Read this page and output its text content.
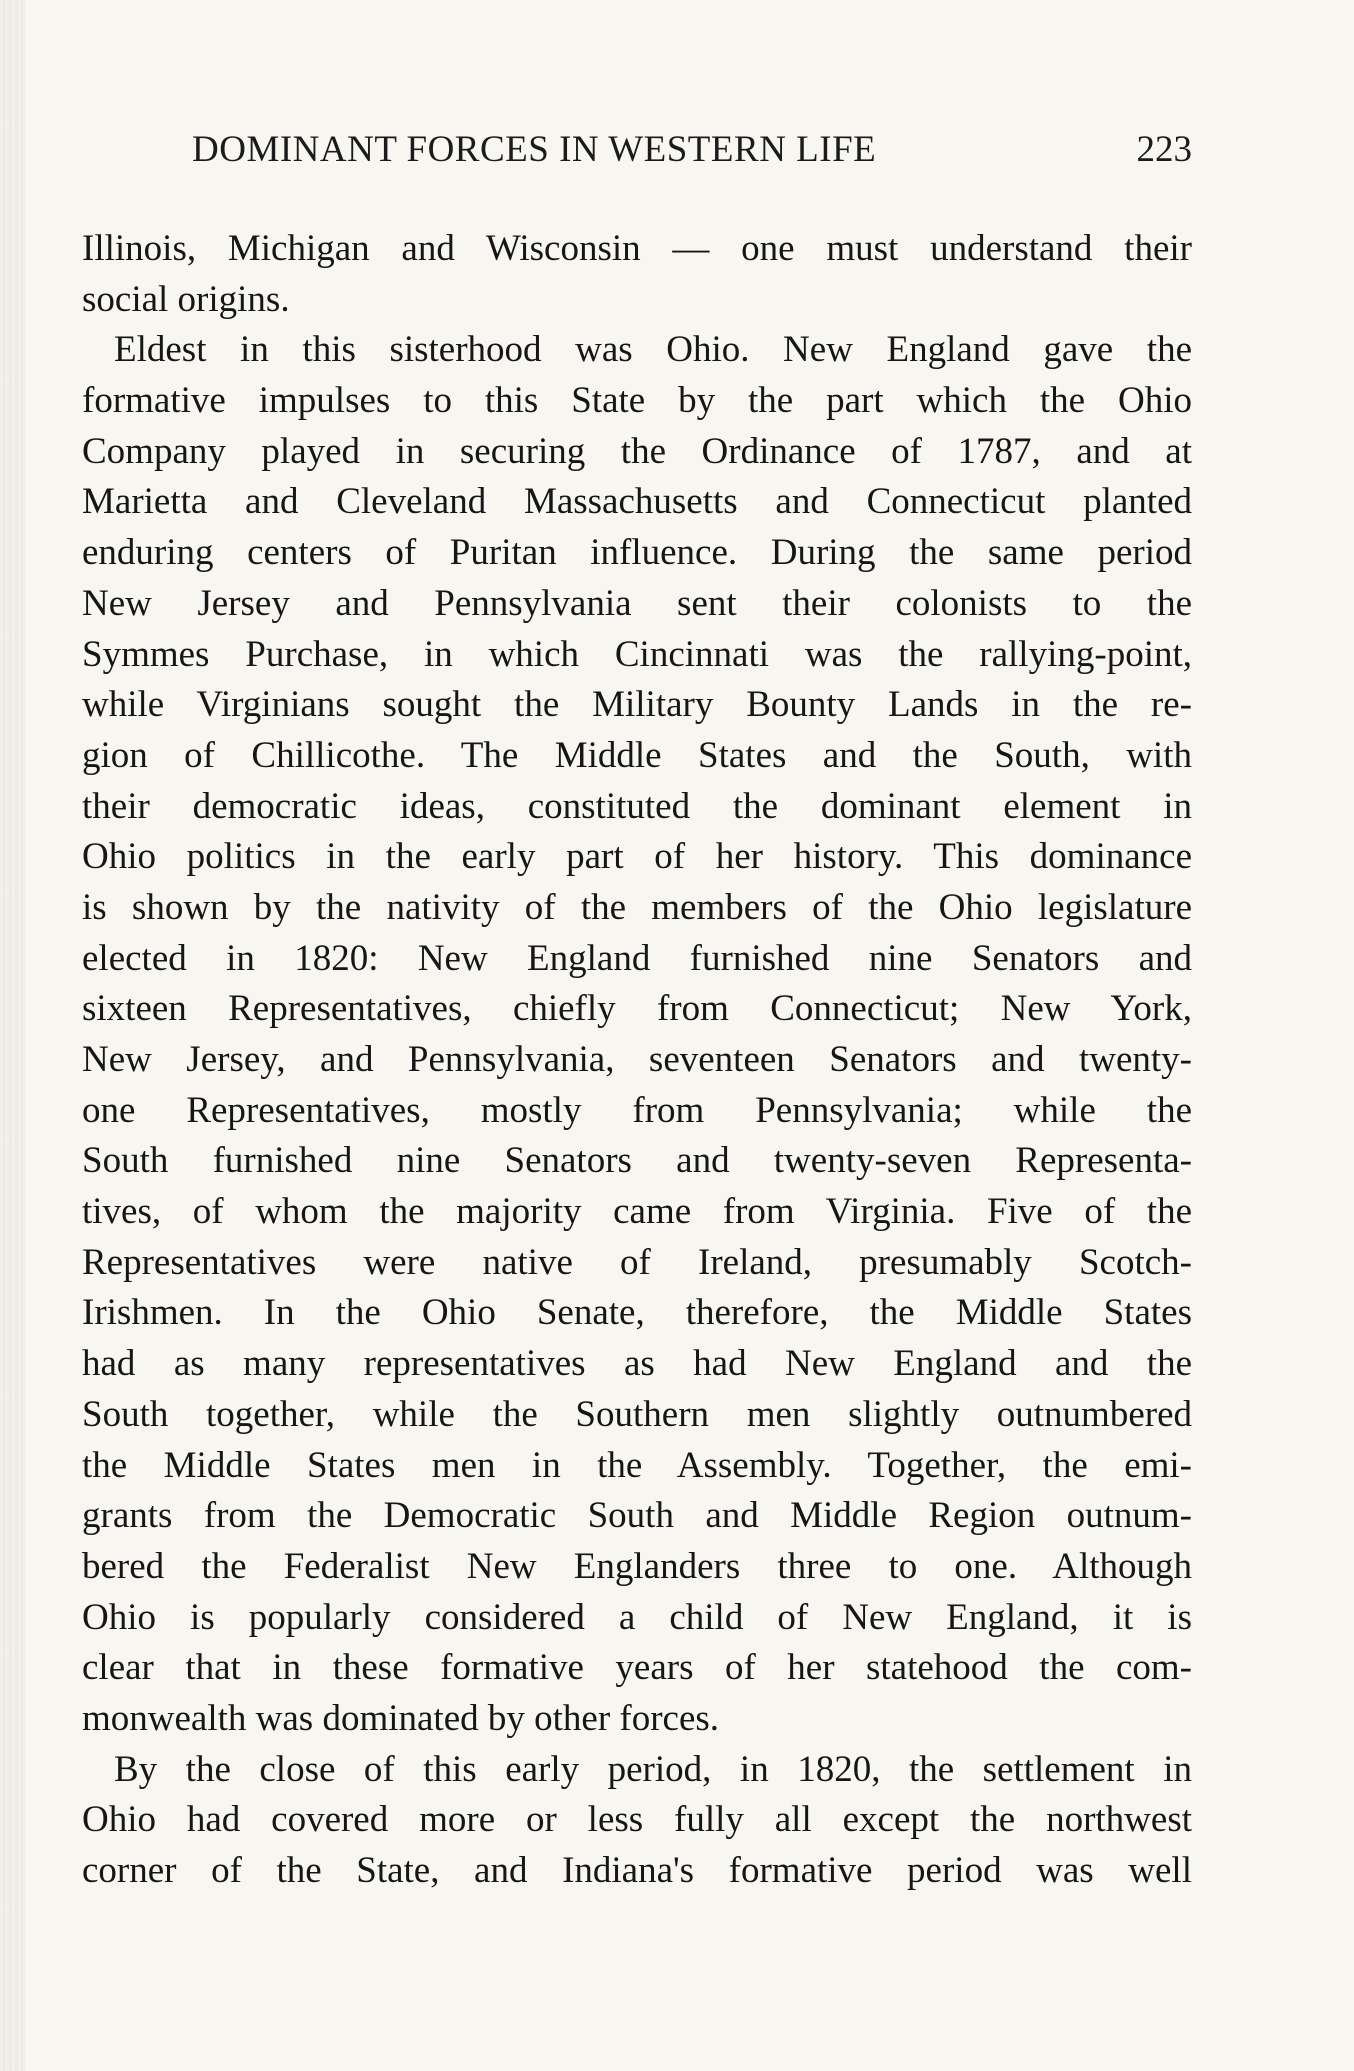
DOMINANT FORCES IN WESTERN LIFE	223
Illinois, Michigan and Wisconsin — one must understand their
social origins.
Eldest in this sisterhood was Ohio. New England gave the
formative impulses to this State by the part which the Ohio
Company played in securing the Ordinance of 1787, and at
Marietta and Cleveland Massachusetts and Connecticut planted
enduring centers of Puritan influence. During the same period
New Jersey and Pennsylvania sent their colonists to the
Symmes Purchase, in which Cincinnati was the rallying-point,
while Virginians sought the Military Bounty Lands in the re-
gion of Chillicothe. The Middle States and the South, with
their democratic ideas, constituted the dominant element in
Ohio politics in the early part of her history. This dominance
is shown by the nativity of the members of the Ohio legislature
elected in 1820: New England furnished nine Senators and
sixteen Representatives, chiefly from Connecticut; New York,
New Jersey, and Pennsylvania, seventeen Senators and twenty-
one Representatives, mostly from Pennsylvania; while the
South furnished nine Senators and twenty-seven Representa-
tives, of whom the majority came from Virginia. Five of the
Representatives were native of Ireland, presumably Scotch-
Irishmen. In the Ohio Senate, therefore, the Middle States
had as many representatives as had New England and the
South together, while the Southern men slightly outnumbered
the Middle States men in the Assembly. Together, the emi-
grants from the Democratic South and Middle Region outnum-
bered the Federalist New Englanders three to one. Although
Ohio is popularly considered a child of New England, it is
clear that in these formative years of her statehood the com-
monwealth was dominated by other forces.
By the close of this early period, in 1820, the settlement in
Ohio had covered more or less fully all except the northwest
corner of the State, and Indiana's formative period was well
